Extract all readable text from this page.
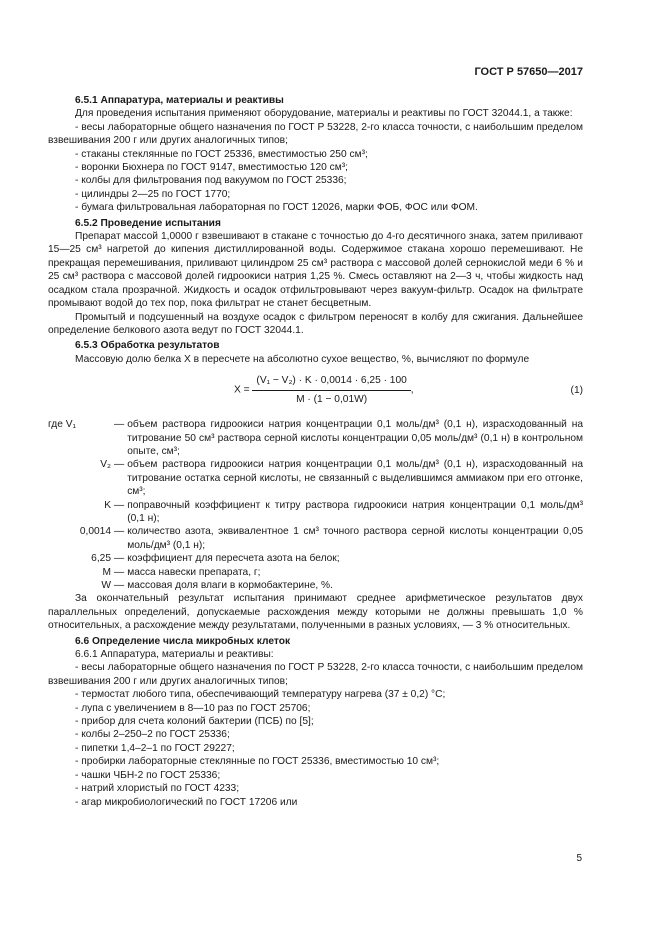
ГОСТ Р 57650—2017
6.5.1 Аппаратура, материалы и реактивы

Для проведения испытания применяют оборудование, материалы и реактивы по ГОСТ 32044.1, а также:

- весы лабораторные общего назначения по ГОСТ Р 53228, 2-го класса точности, с наибольшим пределом взвешивания 200 г или других аналогичных типов;

- стаканы стеклянные по ГОСТ 25336, вместимостью 250 см³;
- воронки Бюхнера по ГОСТ 9147, вместимостью 120 см³;
- колбы для фильтрования под вакуумом по ГОСТ 25336;
- цилиндры 2—25 по ГОСТ 1770;
- бумага фильтровальная лабораторная по ГОСТ 12026, марки ФОБ, ФОС или ФОМ.
6.5.2 Проведение испытания

Препарат массой 1,0000 г взвешивают в стакане с точностью до 4-го десятичного знака, затем приливают 15—25 см³ нагретой до кипения дистиллированной воды. Содержимое стакана хорошо перемешивают. Не прекращая перемешивания, приливают цилиндром 25 см³ раствора с массовой долей сернокислой меди 6 % и 25 см³ раствора с массовой долей гидроокиси натрия 1,25 %. Смесь оставляют на 2—3 ч, чтобы жидкость над осадком стала прозрачной. Жидкость и осадок отфильтровывают через вакуум-фильтр. Осадок на фильтрате промывают водой до тех пор, пока фильтрат не станет бесцветным.

Промытый и подсушенный на воздухе осадок с фильтром переносят в колбу для сжигания. Дальнейшее определение белкового азота ведут по ГОСТ 32044.1.

6.5.3 Обработка результатов

Массовую долю белка X в пересчете на абсолютно сухое вещество, %, вычисляют по формуле

$X = \frac{\text{(V₁ − V₂) · K · 0,0014 · 6,25 · 100}}{M \cdot (1 - 0,01W)}$ ,	(1)
где V₁	— объем раствора гидроокиси натрия концентрации 0,1 моль/дм³ (0,1 н), израсходованный на титрование 50 см³ раствора серной кислоты концентрации 0,05 моль/дм³ (0,1 н) в контрольном опыте, см³;
V₂ — объем раствора гидроокиси натрия концентрации 0,1 моль/дм³ (0,1 н), израсходованный на титрование остатка серной кислоты, не связанный с выделившимся аммиаком при его отгонке, см³;
K — поправочный коэффициент к титру раствора гидроокиси натрия концентрации 0,1 моль/дм³ (0,1 н);
0,0014 — количество азота, эквивалентное 1 см³ точного раствора серной кислоты концентрации 0,05 моль/дм³ (0,1 н);
6,25 — коэффициент для пересчета азота на белок;
M — масса навески препарата, г;
W — массовая доля влаги в кормобактерине, %.

За окончательный результат испытания принимают среднее арифметическое результатов двух параллельных определений, допускаемые расхождения между которыми не должны превышать 1,0 % относительных, а расхождение между результатами, полученными в разных условиях, — 3 % относительных.

6.6 Определение числа микробных клеток

6.6.1 Аппаратура, материалы и реактивы:

- весы лабораторные общего назначения по ГОСТ Р 53228, 2-го класса точности, с наибольшим пределом взвешивания 200 г или других аналогичных типов;

- термостат любого типа, обеспечивающий температуру нагрева (37 ± 0,2) °С;
- лупа с увеличением в 8—10 раз по ГОСТ 25706;
- прибор для счета колоний бактерии (ПСБ) по [5];
- колбы 2–250–2 по ГОСТ 25336;
- пипетки 1,4–2–1 по ГОСТ 29227;
- пробирки лабораторные стеклянные по ГОСТ 25336, вместимостью 10 см³;
- чашки ЧБН-2 по ГОСТ 25336;
- натрий хлористый по ГОСТ 4233;
- агар микробиологический по ГОСТ 17206 или
5
